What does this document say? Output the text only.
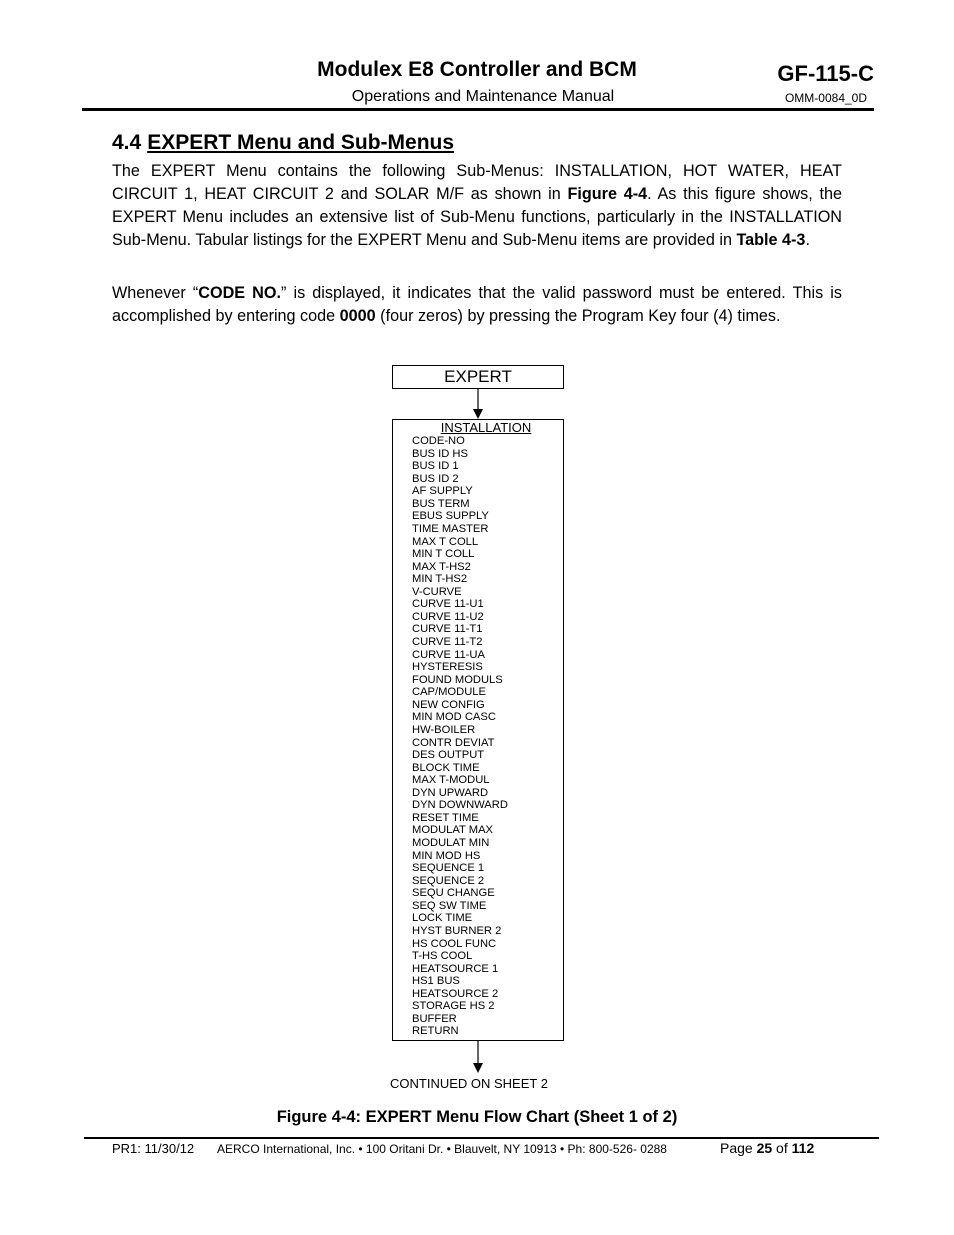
Modulex E8 Controller and BCM
Operations and Maintenance Manual
GF-115-C
OMM-0084_0D
4.4 EXPERT Menu and Sub-Menus

The EXPERT Menu contains the following Sub-Menus: INSTALLATION, HOT WATER, HEAT CIRCUIT 1, HEAT CIRCUIT 2 and SOLAR M/F as shown in Figure 4-4. As this figure shows, the EXPERT Menu includes an extensive list of Sub-Menu functions, particularly in the INSTALLATION Sub-Menu. Tabular listings for the EXPERT Menu and Sub-Menu items are provided in Table 4-3.

Whenever “CODE NO.” is displayed, it indicates that the valid password must be entered. This is accomplished by entering code 0000 (four zeros) by pressing the Program Key four (4) times.

EXPERT
INSTALLATION
CODE-NO
BUS ID HS
BUS ID 1
BUS ID 2
AF SUPPLY
BUS TERM
EBUS SUPPLY
TIME MASTER
MAX T COLL
MIN T COLL
MAX T-HS2
MIN T-HS2
V-CURVE
CURVE 11-U1
CURVE 11-U2
CURVE 11-T1
CURVE 11-T2
CURVE 11-UA
HYSTERESIS
FOUND MODULS
CAP/MODULE
NEW CONFIG
MIN MOD CASC
HW-BOILER
CONTR DEVIAT
DES OUTPUT
BLOCK TIME
MAX T-MODUL
DYN UPWARD
DYN DOWNWARD
RESET TIME
MODULAT MAX
MODULAT MIN
MIN MOD HS
SEQUENCE 1
SEQUENCE 2
SEQU CHANGE
SEQ SW TIME
LOCK TIME
HYST BURNER 2
HS COOL FUNC
T-HS COOL
HEATSOURCE 1
HS1 BUS
HEATSOURCE 2
STORAGE HS 2
BUFFER
RETURN
CONTINUED ON SHEET 2
Figure 4-4: EXPERT Menu Flow Chart (Sheet 1 of 2)
PR1: 11/30/12 AERCO International, Inc. • 100 Oritani Dr. • Blauvelt, NY 10913 • Ph: 800-526- 0288	Page 25 of 112
